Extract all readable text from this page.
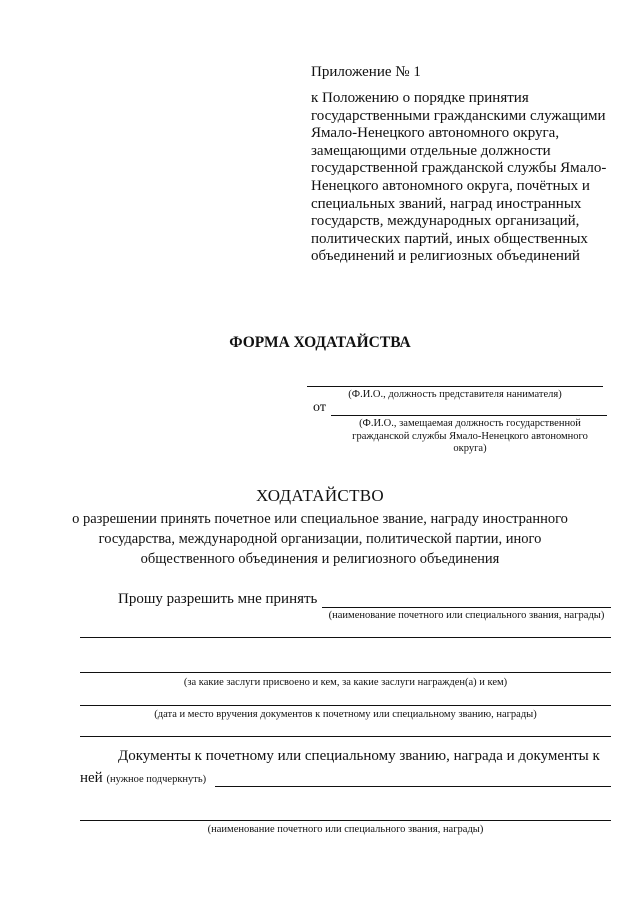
Приложение № 1
к Положению о порядке принятия государственными гражданскими служащими Ямало-Ненецкого автономного округа, замещающими отдельные должности государственной гражданской службы Ямало-Ненецкого автономного округа, почётных и специальных званий, наград иностранных государств, международных организаций, политических партий, иных общественных объединений и религиозных объединений
ФОРМА ХОДАТАЙСТВА
(Ф.И.О., должность представителя нанимателя)
от
(Ф.И.О., замещаемая должность государственной гражданской службы Ямало-Ненецкого автономного округа)
ХОДАТАЙСТВО
о разрешении принять почетное или специальное звание, награду иностранного государства, международной организации, политической партии, иного общественного объединения и религиозного объединения
Прошу разрешить мне принять
(наименование почетного или специального звания, награды)
(за какие заслуги присвоено и кем, за какие заслуги награжден(а) и кем)
(дата и место вручения документов к почетному или специальному званию, награды)
Документы к почетному или специальному званию, награда и документы к
ней (нужное подчеркнуть)
(наименование почетного или специального звания, награды)
